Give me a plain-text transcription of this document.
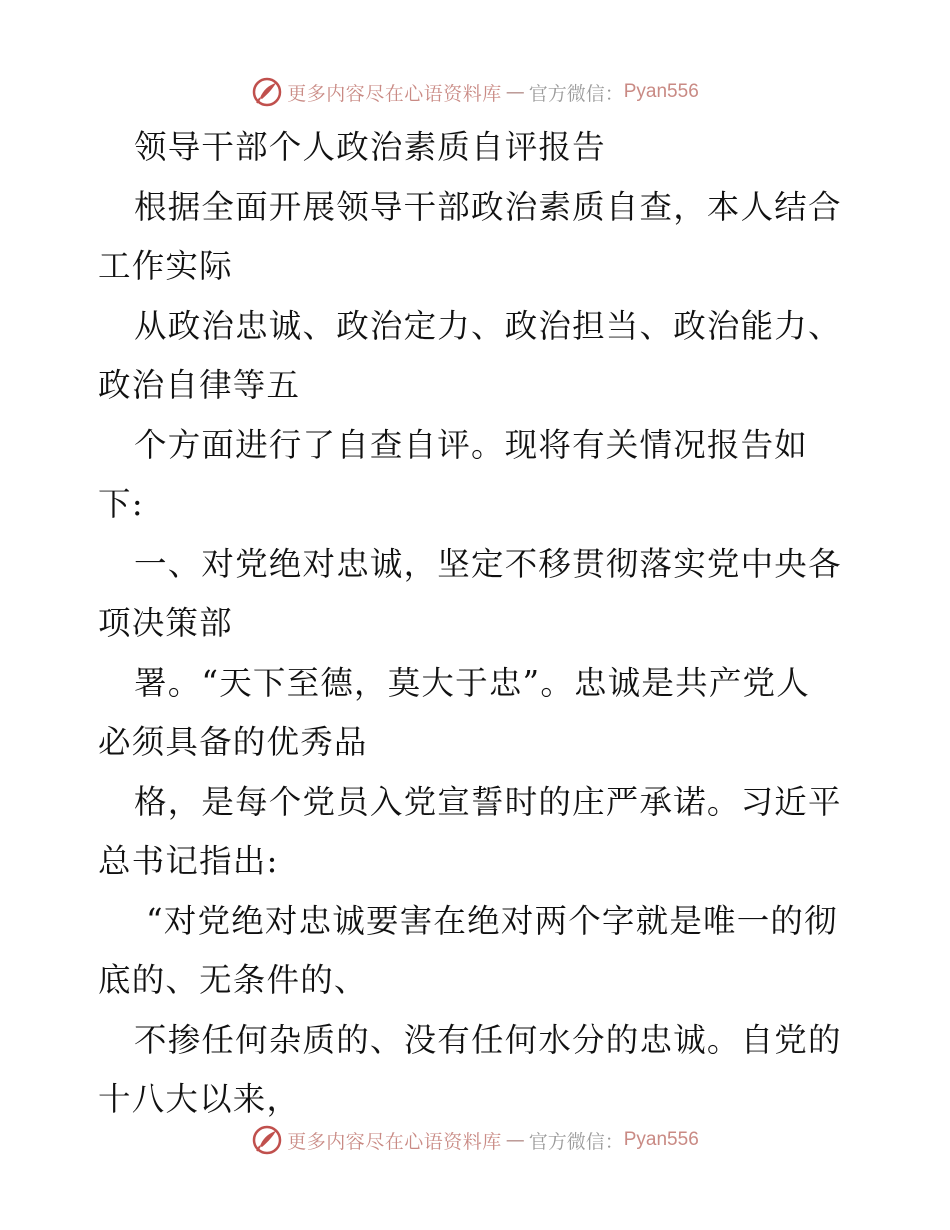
更多内容尽在心语资料库 — 官方微信： Pyan556
领导干部个人政治素质自评报告
根据全面开展领导干部政治素质自查，本人结合
工作实际
从政治忠诚、政治定力、政治担当、政治能力、
政治自律等五
个方面进行了自查自评。现将有关情况报告如
下:
一、对党绝对忠诚，坚定不移贯彻落实党中央各
项决策部
署。“天下至德，莫大于忠”。忠诚是共产党人
必须具备的优秀品
格，是每个党员入党宣誓时的庄严承诺。习近平
总书记指出:
“对党绝对忠诚要害在绝对两个字就是唯一的彻
底的、无条件的、
不掺任何杂质的、没有任何水分的忠诚。自党的
十八大以来，
更多内容尽在心语资料库 — 官方微信： Pyan556
